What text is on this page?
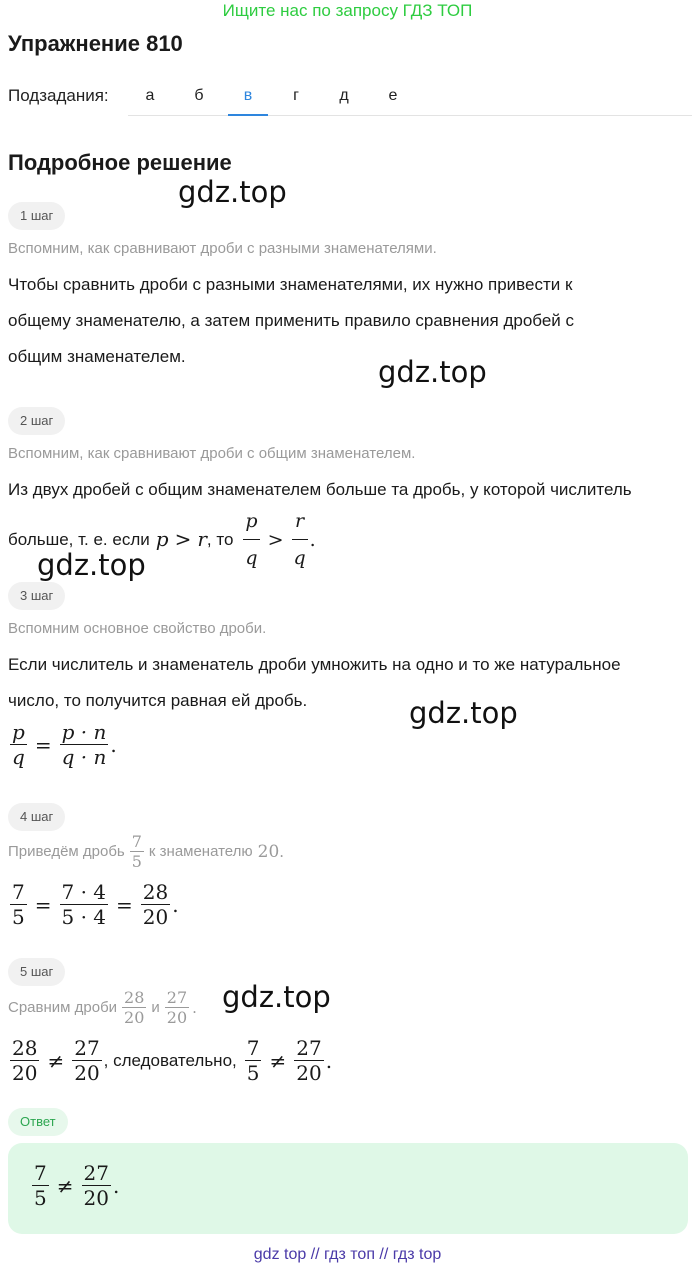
Ищите нас по запросу ГДЗ ТОП
Упражнение 810
Подзадания:	а	б	в	г	д	е
Подробное решение
gdz.top
gdz.top
gdz.top
gdz.top
gdz.top
1 шаг
Вспомним, как сравнивают дроби с разными знаменателями.
Чтобы сравнить дроби с разными знаменателями, их нужно привести к
общему знаменателю, а затем применить правило сравнения дробей с
общим знаменателем.
2 шаг
Вспомним, как сравнивают дроби с общим знаменателем.
Из двух дробей с общим знаменателем больше та дробь, у которой числитель
больше, т. е. если p > r , то $\frac{p}{q} > \frac{r}{q}$ .
3 шаг
Вспомним основное свойство дроби.
Если числитель и знаменатель дроби умножить на одно и то же натуральное
число, то получится равная ей дробь.
$\frac{p}{q} = \frac{p \cdot n}{q \cdot n}$ .
4 шаг
Приведём дробь $\frac{7}{5}$ к знаменателю 20 .
$\frac{7}{5} = \frac{7 \cdot 4}{5 \cdot 4} = \frac{28}{20}$ .
5 шаг
Сравним дроби $\frac{28}{20}$ и $\frac{27}{20}$ .
$\frac{28}{20} \ne \frac{27}{20}$ , следовательно, $\frac{7}{5} \ne \frac{27}{20}$ .
Ответ
$\frac{7}{5} \ne \frac{27}{20}$ .
gdz top // гдз топ // гдз top
